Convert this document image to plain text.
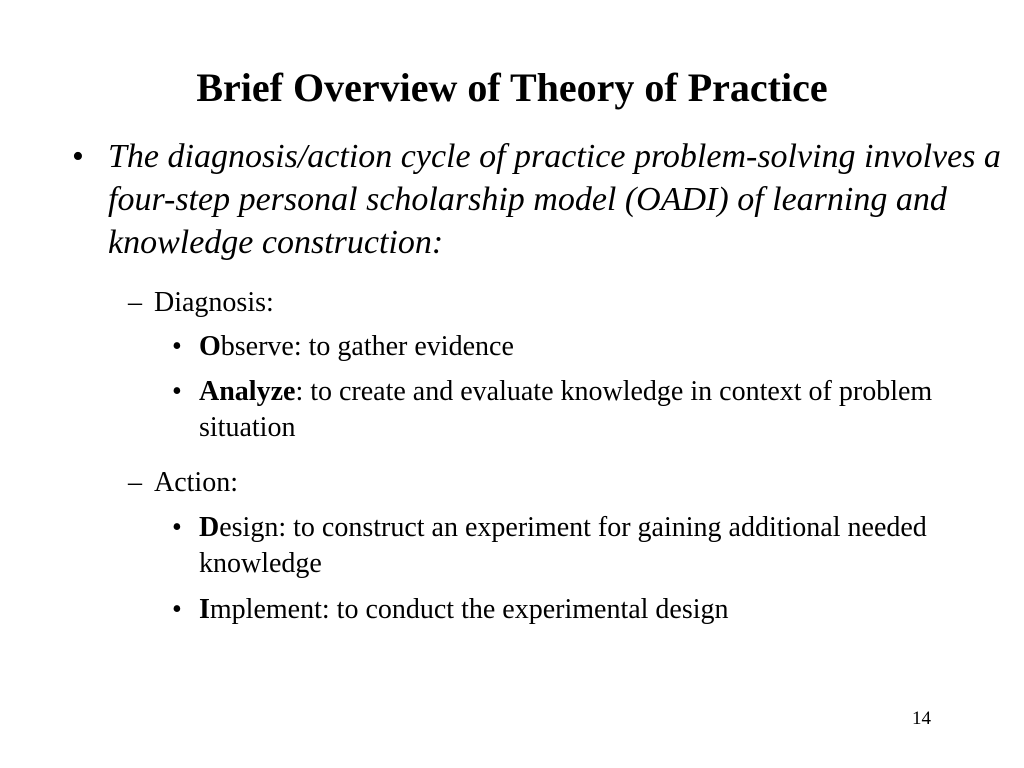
Brief Overview of Theory of Practice
• The diagnosis/action cycle of practice problem-solving involves a four-step personal scholarship model (OADI) of learning and knowledge construction:
– Diagnosis:
• Observe: to gather evidence
• Analyze: to create and evaluate knowledge in context of problem situation
– Action:
• Design: to construct an experiment for gaining additional needed knowledge
• Implement: to conduct the experimental design
14
